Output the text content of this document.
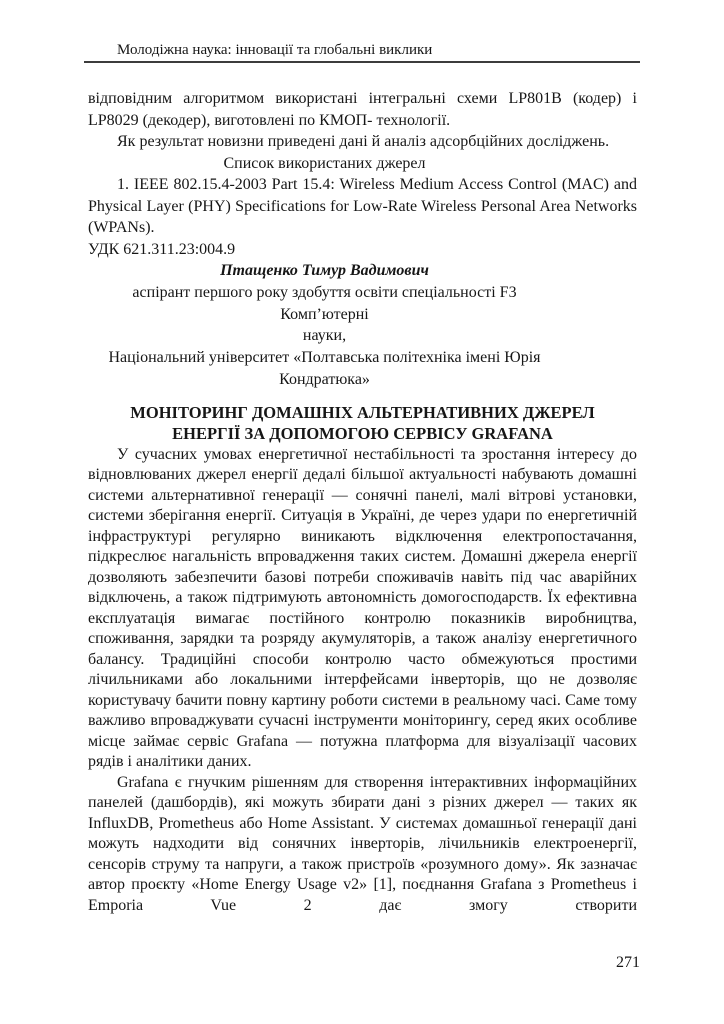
Молодіжна наука: інновації та глобальні виклики

відповідним алгоритмом використані інтегральні схеми LP801B (кодер) і LP8029 (декодер), виготовлені по КМОП- технології.

Як результат новизни приведені дані й аналіз адсорбційних досліджень.

Список використаних джерел

1. IEEE 802.15.4-2003 Part 15.4: Wireless Medium Access Control (MAC) and Physical Layer (PHY) Specifications for Low-Rate Wireless Personal Area Networks (WPANs).

УДК 621.311.23:004.9

Птащенко Тимур Вадимович
аспірант першого року здобуття освіти спеціальності F3 Комп’ютерні
науки,
Національний університет «Полтавська політехніка імені Юрія
Кондратюка»
МОНІТОРИНГ ДОМАШНІХ АЛЬТЕРНАТИВНИХ ДЖЕРЕЛ
ЕНЕРГІЇ ЗА ДОПОМОГОЮ СЕРВІСУ GRAFANA

У сучасних умовах енергетичної нестабільності та зростання інтересу до відновлюваних джерел енергії дедалі більшої актуальності набувають домашні системи альтернативної генерації — сонячні панелі, малі вітрові установки, системи зберігання енергії. Ситуація в Україні, де через удари по енергетичній інфраструктурі регулярно виникають відключення електропостачання, підкреслює нагальність впровадження таких систем. Домашні джерела енергії дозволяють забезпечити базові потреби споживачів навіть під час аварійних відключень, а також підтримують автономність домогосподарств. Їх ефективна експлуатація вимагає постійного контролю показників виробництва, споживання, зарядки та розряду акумуляторів, а також аналізу енергетичного балансу. Традиційні способи контролю часто обмежуються простими лічильниками або локальними інтерфейсами інверторів, що не дозволяє користувачу бачити повну картину роботи системи в реальному часі. Саме тому важливо впроваджувати сучасні інструменти моніторингу, серед яких особливе місце займає сервіс Grafana — потужна платформа для візуалізації часових рядів і аналітики даних.

Grafana є гнучким рішенням для створення інтерактивних інформаційних панелей (дашбордів), які можуть збирати дані з різних джерел — таких як InfluxDB, Prometheus або Home Assistant. У системах домашньої генерації дані можуть надходити від сонячних інверторів, лічильників електроенергії, сенсорів струму та напруги, а також пристроїв «розумного дому». Як зазначає автор проєкту «Home Energy Usage v2» [1], поєднання Grafana з Prometheus і Emporia Vue 2 дає змогу створити

271
